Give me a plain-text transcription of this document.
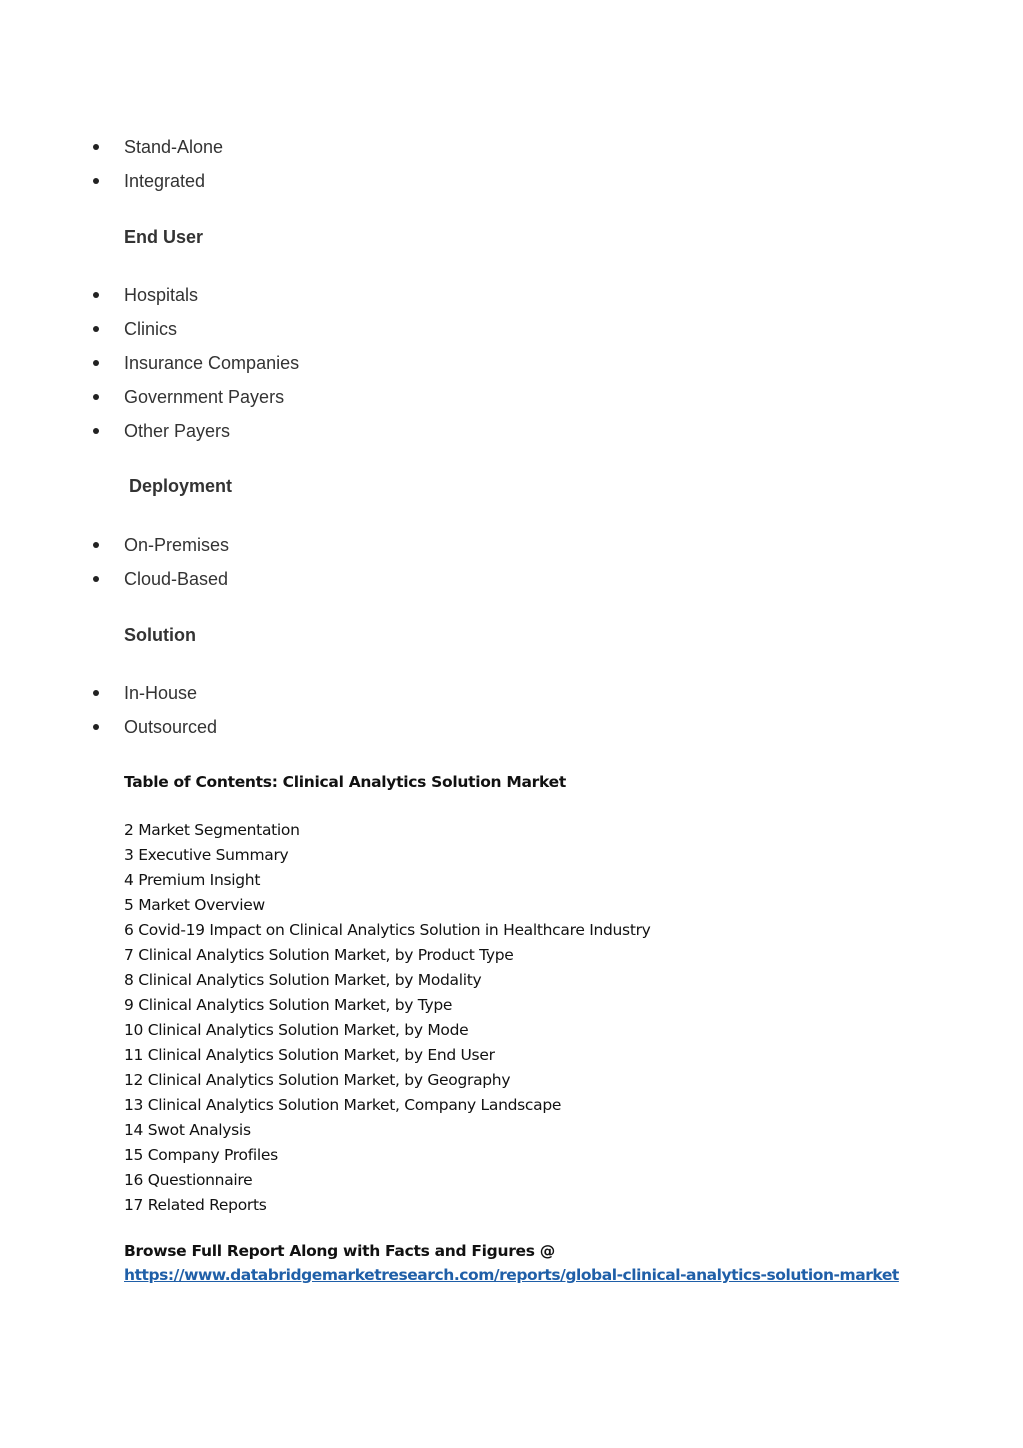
Stand-Alone
Integrated
End User
Hospitals
Clinics
Insurance Companies
Government Payers
Other Payers
Deployment
On-Premises
Cloud-Based
Solution
In-House
Outsourced
Table of Contents: Clinical Analytics Solution Market
2 Market Segmentation
3 Executive Summary
4 Premium Insight
5 Market Overview
6 Covid-19 Impact on Clinical Analytics Solution in Healthcare Industry
7 Clinical Analytics Solution Market, by Product Type
8 Clinical Analytics Solution Market, by Modality
9 Clinical Analytics Solution Market, by Type
10 Clinical Analytics Solution Market, by Mode
11 Clinical Analytics Solution Market, by End User
12 Clinical Analytics Solution Market, by Geography
13 Clinical Analytics Solution Market, Company Landscape
14 Swot Analysis
15 Company Profiles
16 Questionnaire
17 Related Reports
Browse Full Report Along with Facts and Figures @
https://www.databridgemarketresearch.com/reports/global-clinical-analytics-solution-market
